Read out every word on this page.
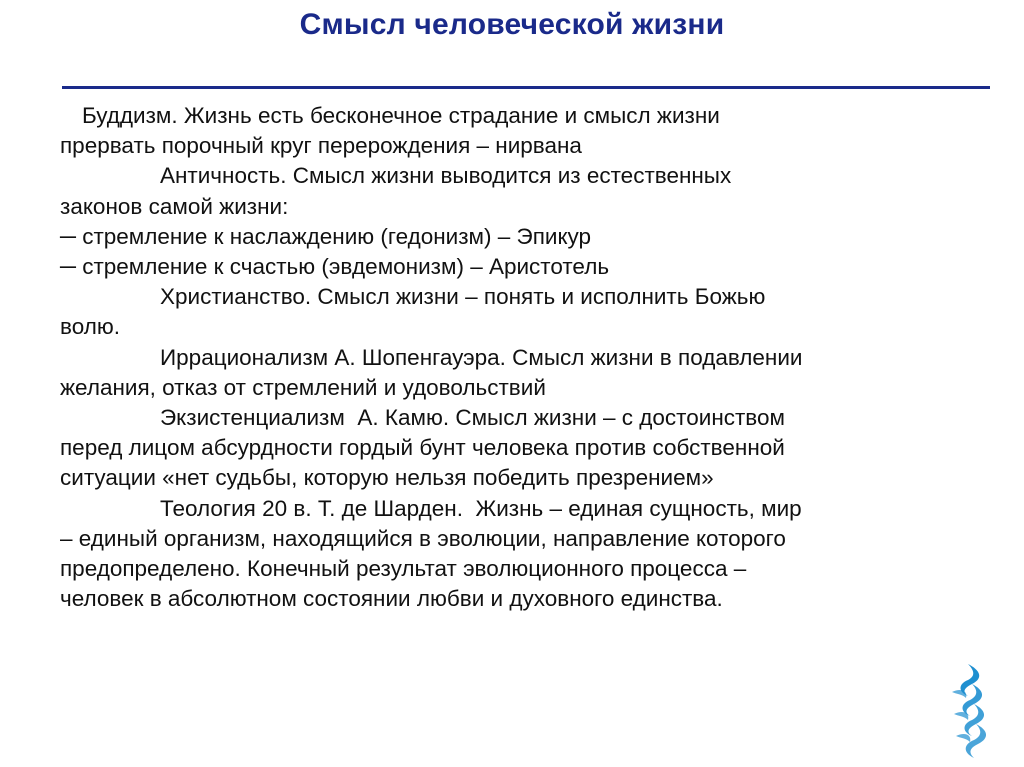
Смысл человеческой жизни
Буддизм. Жизнь есть бесконечное страдание и смысл жизни
прервать порочный круг перерождения – нирвана
Античность. Смысл жизни выводится из естественных
законов самой жизни:
─ стремление к наслаждению (гедонизм) – Эпикур
─ стремление к счастью (эвдемонизм) – Аристотель
Христианство. Смысл жизни – понять и исполнить Божью
волю.
Иррационализм А. Шопенгауэра. Смысл жизни в подавлении
желания, отказ от стремлений и удовольствий
Экзистенциализм  А. Камю. Смысл жизни – с достоинством
перед лицом абсурдности гордый бунт человека против собственной
ситуации «нет судьбы, которую нельзя победить презрением»
Теология 20 в. Т. де Шарден.  Жизнь – единая сущность, мир
– единый организм, находящийся в эволюции, направление которого
предопределено. Конечный результат эволюционного процесса –
человек в абсолютном состоянии любви и духовного единства.
